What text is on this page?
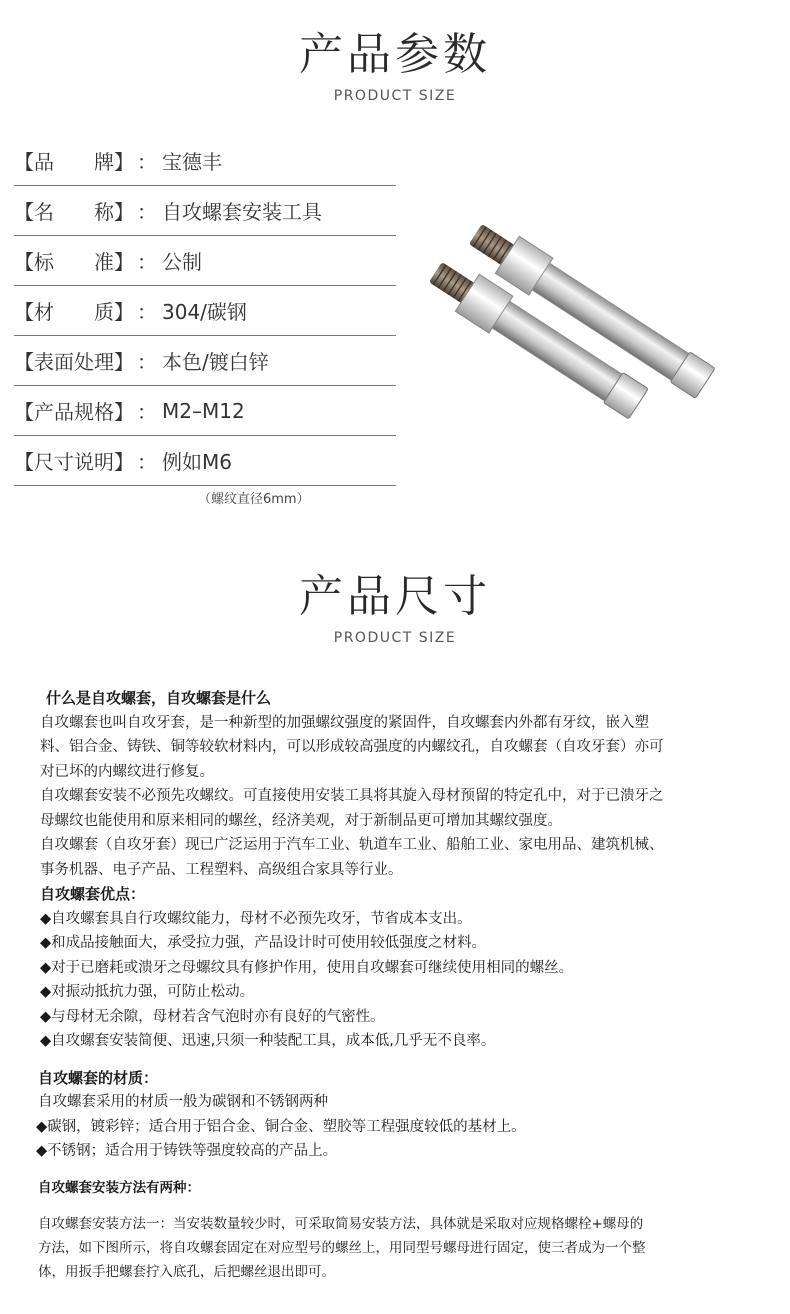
产品参数
PRODUCT SIZE
【品 牌】 ： 宝德丰
【名 称】 ： 自攻螺套安装工具
【标 准】 ： 公制
【材 质】 ： 304/碳钢
【表面处理】 ： 本色/镀白锌
【产品规格】 ： M2–M12
【尺寸说明】 ： 例如M6
（螺纹直径6mm）
产品尺寸
PRODUCT SIZE

什么是自攻螺套，自攻螺套是什么

自攻螺套也叫自攻牙套，是一种新型的加强螺纹强度的紧固件，自攻螺套内外都有牙纹，嵌入塑

料、铝合金、铸铁、铜等较软材料内，可以形成较高强度的内螺纹孔，自攻螺套（自攻牙套）亦可

对已坏的内螺纹进行修复。

自攻螺套安装不必预先攻螺纹。可直接使用安装工具将其旋入母材预留的特定孔中，对于已溃牙之

母螺纹也能使用和原来相同的螺丝，经济美观，对于新制品更可增加其螺纹强度。

自攻螺套（自攻牙套）现已广泛运用于汽车工业、轨道车工业、船舶工业、家电用品、建筑机械、

事务机器、电子产品、工程塑料、高级组合家具等行业。

自攻螺套优点：

◆自攻螺套具自行攻螺纹能力，母材不必预先攻牙，节省成本支出。

◆和成品接触面大，承受拉力强，产品设计时可使用较低强度之材料。

◆对于已磨耗或溃牙之母螺纹具有修护作用，使用自攻螺套可继续使用相同的螺丝。

◆对振动抵抗力强，可防止松动。

◆与母材无余隙，母材若含气泡时亦有良好的气密性。

◆自攻螺套安装简便、迅速,只须一种装配工具，成本低,几乎无不良率。

自攻螺套的材质：

自攻螺套采用的材质一般为碳钢和不锈钢两种

◆碳钢，镀彩锌；适合用于铝合金、铜合金、塑胶等工程强度较低的基材上。

◆不锈钢；适合用于铸铁等强度较高的产品上。

自攻螺套安装方法有两种：

自攻螺套安装方法一：当安装数量较少时，可采取简易安装方法，具体就是采取对应规格螺栓+螺母的

方法，如下图所示，将自攻螺套固定在对应型号的螺丝上，用同型号螺母进行固定，使三者成为一个整

体，用扳手把螺套拧入底孔，后把螺丝退出即可。
